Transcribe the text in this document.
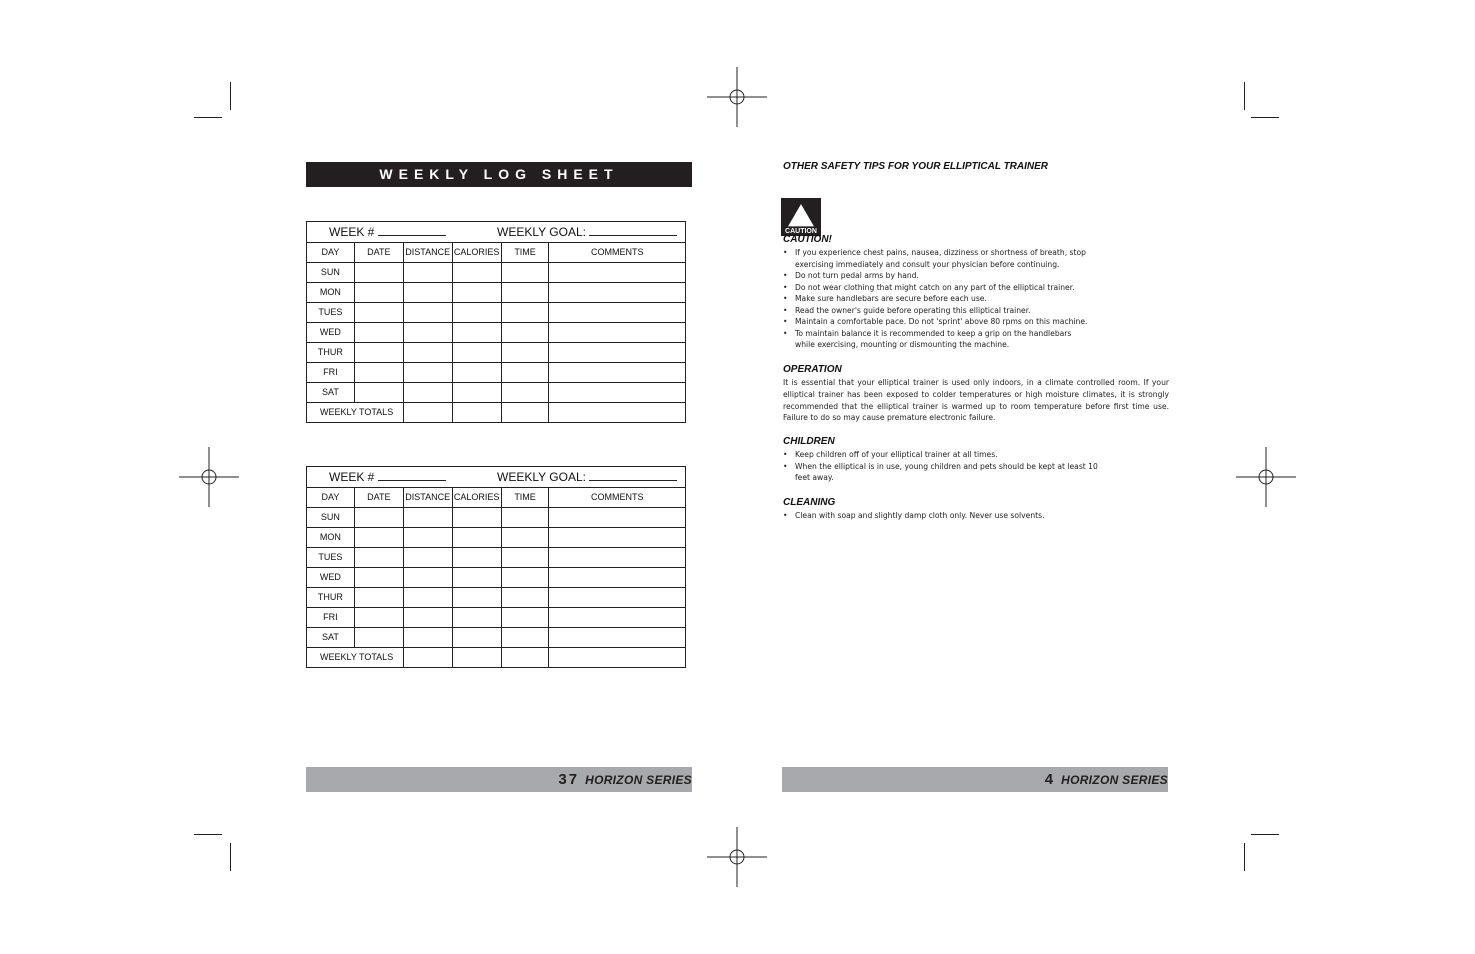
WEEKLY LOG SHEET
WEEK # WEEKLY GOAL:					
DAY	DATE	DISTANCE	CALORIES	TIME	COMMENTS
SUN					
MON					
TUES					
WED					
THUR					
FRI					
SAT					
WEEKLY TOTALS					
WEEK # WEEKLY GOAL:					
DAY	DATE	DISTANCE	CALORIES	TIME	COMMENTS
SUN					
MON					
TUES					
WED					
THUR					
FRI					
SAT					
WEEKLY TOTALS					
37 HORIZON SERIES
OTHER SAFETY TIPS FOR YOUR ELLIPTICAL TRAINER
CAUTION
CAUTION!
• If you experience chest pains, nausea, dizziness or shortness of breath, stop exercising immediately and consult your physician before continuing.
• Do not turn pedal arms by hand.
• Do not wear clothing that might catch on any part of the elliptical trainer.
• Make sure handlebars are secure before each use.
• Read the owner's guide before operating this elliptical trainer.
• Maintain a comfortable pace. Do not 'sprint' above 80 rpms on this machine.
• To maintain balance it is recommended to keep a grip on the handlebars while exercising, mounting or dismounting the machine.
OPERATION

It is essential that your elliptical trainer is used only indoors, in a climate controlled room. If your elliptical trainer has been exposed to colder temperatures or high moisture climates, it is strongly recommended that the elliptical trainer is warmed up to room temperature before first time use. Failure to do so may cause premature electronic failure.

CHILDREN
• Keep children off of your elliptical trainer at all times.
• When the elliptical is in use, young children and pets should be kept at least 10 feet away.
CLEANING
• Clean with soap and slightly damp cloth only. Never use solvents.
4 HORIZON SERIES
